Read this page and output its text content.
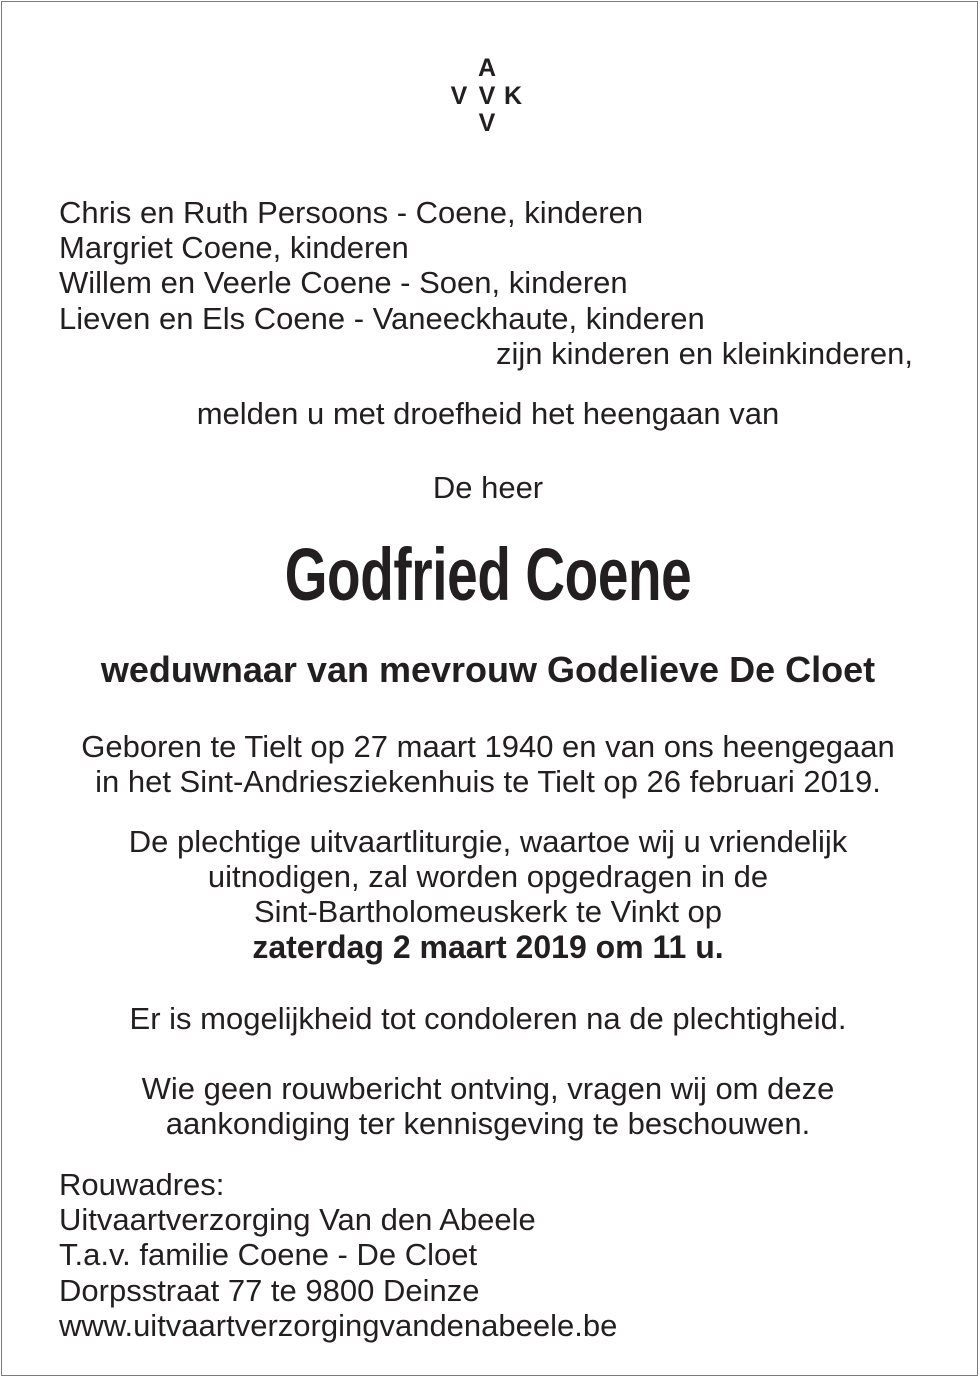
A
V V K
V
Chris en Ruth Persoons - Coene, kinderen
Margriet Coene, kinderen
Willem en Veerle Coene - Soen, kinderen
Lieven en Els Coene - Vaneeckhaute, kinderen
zijn kinderen en kleinkinderen,
melden u met droefheid het heengaan van
De heer
Godfried Coene
weduwnaar van mevrouw Godelieve De Cloet
Geboren te Tielt op 27 maart 1940 en van ons heengegaan
in het Sint-Andriesziekenhuis te Tielt op 26 februari 2019.
De plechtige uitvaartliturgie, waartoe wij u vriendelijk
uitnodigen, zal worden opgedragen in de
Sint-Bartholomeuskerk te Vinkt op
zaterdag 2 maart 2019 om 11 u.
Er is mogelijkheid tot condoleren na de plechtigheid.
Wie geen rouwbericht ontving, vragen wij om deze
aankondiging ter kennisgeving te beschouwen.
Rouwadres:
Uitvaartverzorging Van den Abeele
T.a.v. familie Coene - De Cloet
Dorpsstraat 77 te 9800 Deinze
www.uitvaartverzorgingvandenabeele.be
